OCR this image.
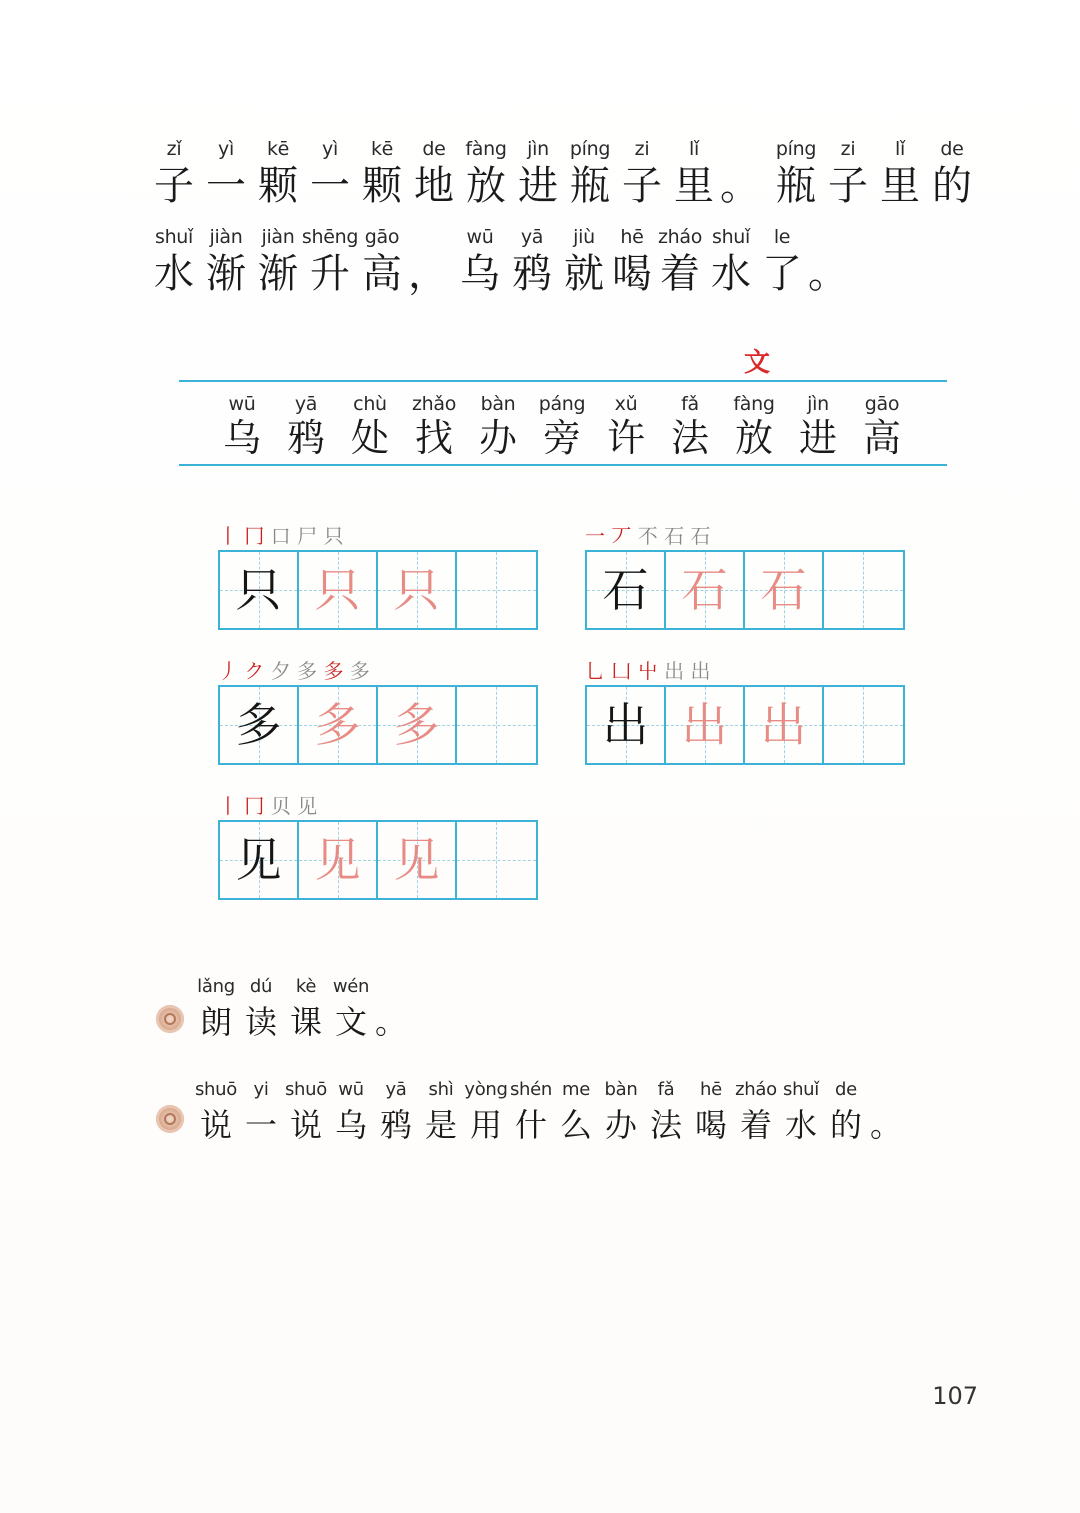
zǐ
子
yì
一
kē
颗
yì
一
kē
颗
de
地
fàng
放
jìn
进
píng
瓶
zi
子
lǐ
里 。
píng
瓶
zi
子
lǐ
里
de
的
shuǐ
水
jiàn
渐
jiàn
渐
shēng
升
gāo
高 ，
wū
乌
yā
鸦
jiù
就
hē
喝
zháo
着
shuǐ
水
le
了 。
文
wū
乌
yā
鸦
chù
处
zhǎo
找
bàn
办
páng
旁
xǔ
许
fǎ
法
fàng
放
jìn
进
gāo
高
丨 冂 口 尸 只
只 只 只
一 丆 不 石 石
石 石 石
丿 ク 夕 多 多 多
多 多 多
乚 凵 屮 出 出
出 出 出
丨 冂 贝 见
见 见 见
lǎng
朗
dú
读
kè
课
wén
文 。
shuō
说
yi
一
shuō
说
wū
乌
yā
鸦
shì
是
yòng
用
shén
什
me
么
bàn
办
fǎ
法
hē
喝
zháo
着
shuǐ
水
de
的 。
107
